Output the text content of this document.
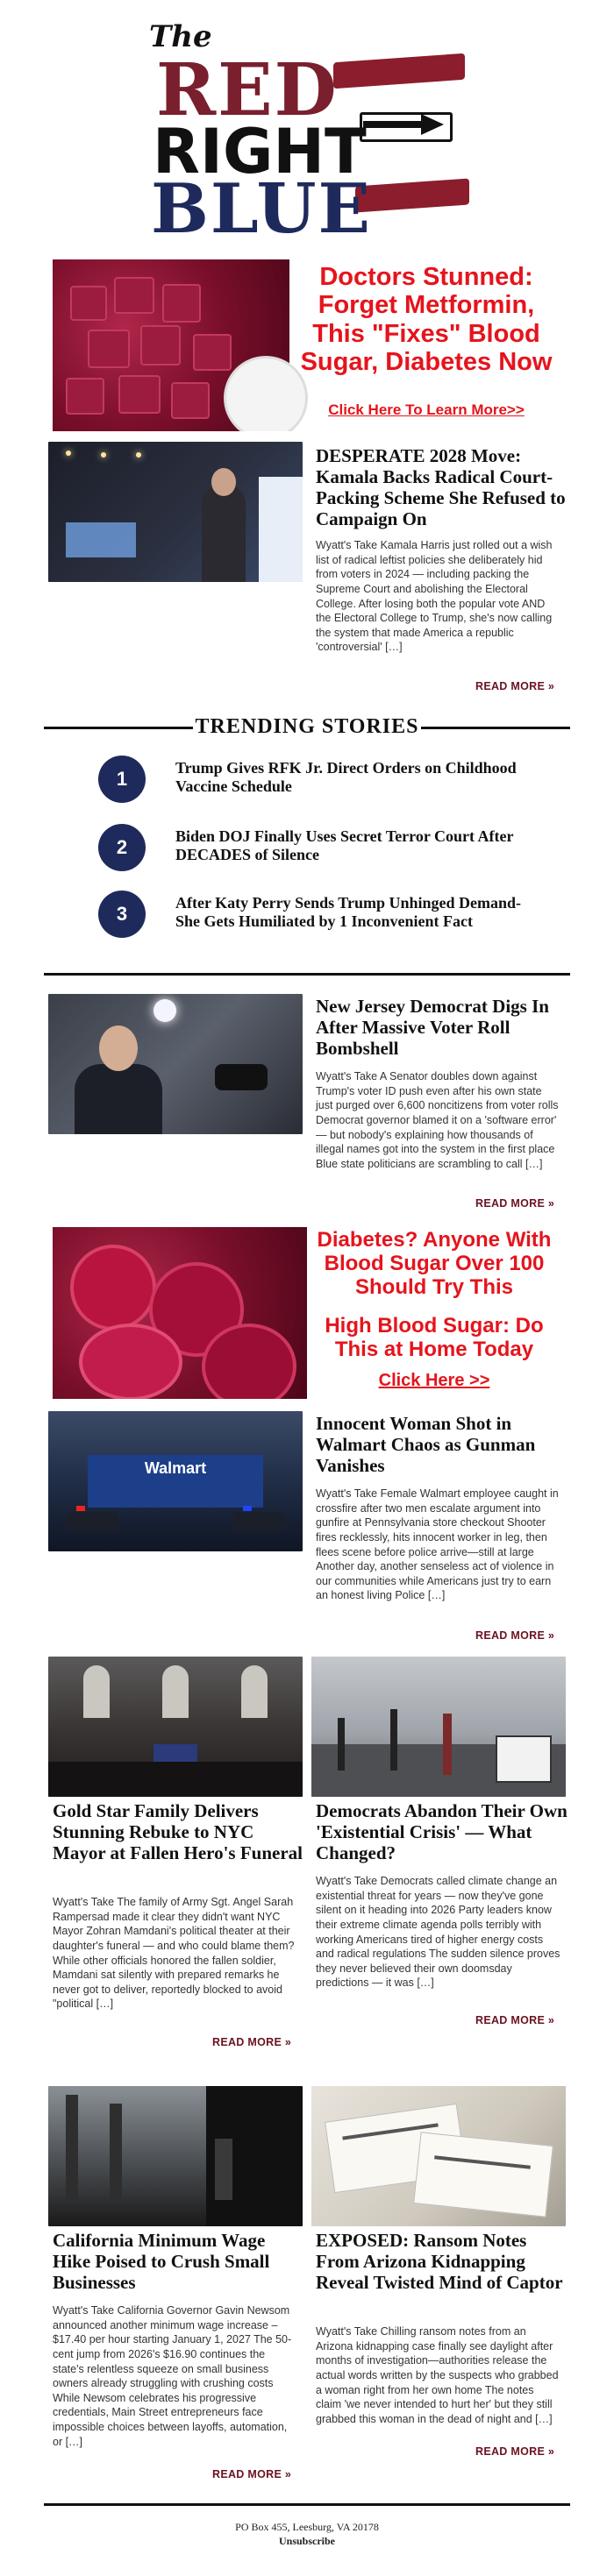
The
RED
RIGHT
BLUE
Doctors Stunned: Forget Metformin, This "Fixes" Blood Sugar, Diabetes Now
Click Here To Learn More>>
DESPERATE 2028 Move: Kamala Backs Radical Court-Packing Scheme She Refused to Campaign On
Wyatt's Take Kamala Harris just rolled out a wish list of radical leftist policies she deliberately hid from voters in 2024 — including packing the Supreme Court and abolishing the Electoral College. After losing both the popular vote AND the Electoral College to Trump, she's now calling the system that made America a republic 'controversial' […]
READ MORE »
TRENDING STORIES
1	Trump Gives RFK Jr. Direct Orders on Childhood Vaccine Schedule
2	Biden DOJ Finally Uses Secret Terror Court After DECADES of Silence
3	After Katy Perry Sends Trump Unhinged Demand- She Gets Humiliated by 1 Inconvenient Fact
New Jersey Democrat Digs In After Massive Voter Roll Bombshell
Wyatt's Take A Senator doubles down against Trump's voter ID push even after his own state just purged over 6,600 noncitizens from voter rolls Democrat governor blamed it on a 'software error' — but nobody's explaining how thousands of illegal names got into the system in the first place Blue state politicians are scrambling to call […]
READ MORE »
Diabetes? Anyone With Blood Sugar Over 100 Should Try This
High Blood Sugar: Do This at Home Today
Click Here >>
Walmart
Innocent Woman Shot in Walmart Chaos as Gunman Vanishes
Wyatt's Take Female Walmart employee caught in crossfire after two men escalate argument into gunfire at Pennsylvania store checkout Shooter fires recklessly, hits innocent worker in leg, then flees scene before police arrive—still at large Another day, another senseless act of violence in our communities while Americans just try to earn an honest living Police […]
READ MORE »
Gold Star Family Delivers Stunning Rebuke to NYC Mayor at Fallen Hero's Funeral
Wyatt's Take The family of Army Sgt. Angel Sarah Rampersad made it clear they didn't want NYC Mayor Zohran Mamdani's political theater at their daughter's funeral — and who could blame them? While other officials honored the fallen soldier, Mamdani sat silently with prepared remarks he never got to deliver, reportedly blocked to avoid "political […]
READ MORE »
Democrats Abandon Their Own 'Existential Crisis' — What Changed?
Wyatt's Take Democrats called climate change an existential threat for years — now they've gone silent on it heading into 2026 Party leaders know their extreme climate agenda polls terribly with working Americans tired of higher energy costs and radical regulations The sudden silence proves they never believed their own doomsday predictions — it was […]
READ MORE »
California Minimum Wage Hike Poised to Crush Small Businesses
Wyatt's Take California Governor Gavin Newsom announced another minimum wage increase – $17.40 per hour starting January 1, 2027 The 50-cent jump from 2026's $16.90 continues the state's relentless squeeze on small business owners already struggling with crushing costs While Newsom celebrates his progressive credentials, Main Street entrepreneurs face impossible choices between layoffs, automation, or […]
READ MORE »
EXPOSED: Ransom Notes From Arizona Kidnapping Reveal Twisted Mind of Captor
Wyatt's Take Chilling ransom notes from an Arizona kidnapping case finally see daylight after months of investigation—authorities release the actual words written by the suspects who grabbed a woman right from her own home The notes claim 'we never intended to hurt her' but they still grabbed this woman in the dead of night and […]
READ MORE »
PO Box 455, Leesburg, VA 20178
Unsubscribe
